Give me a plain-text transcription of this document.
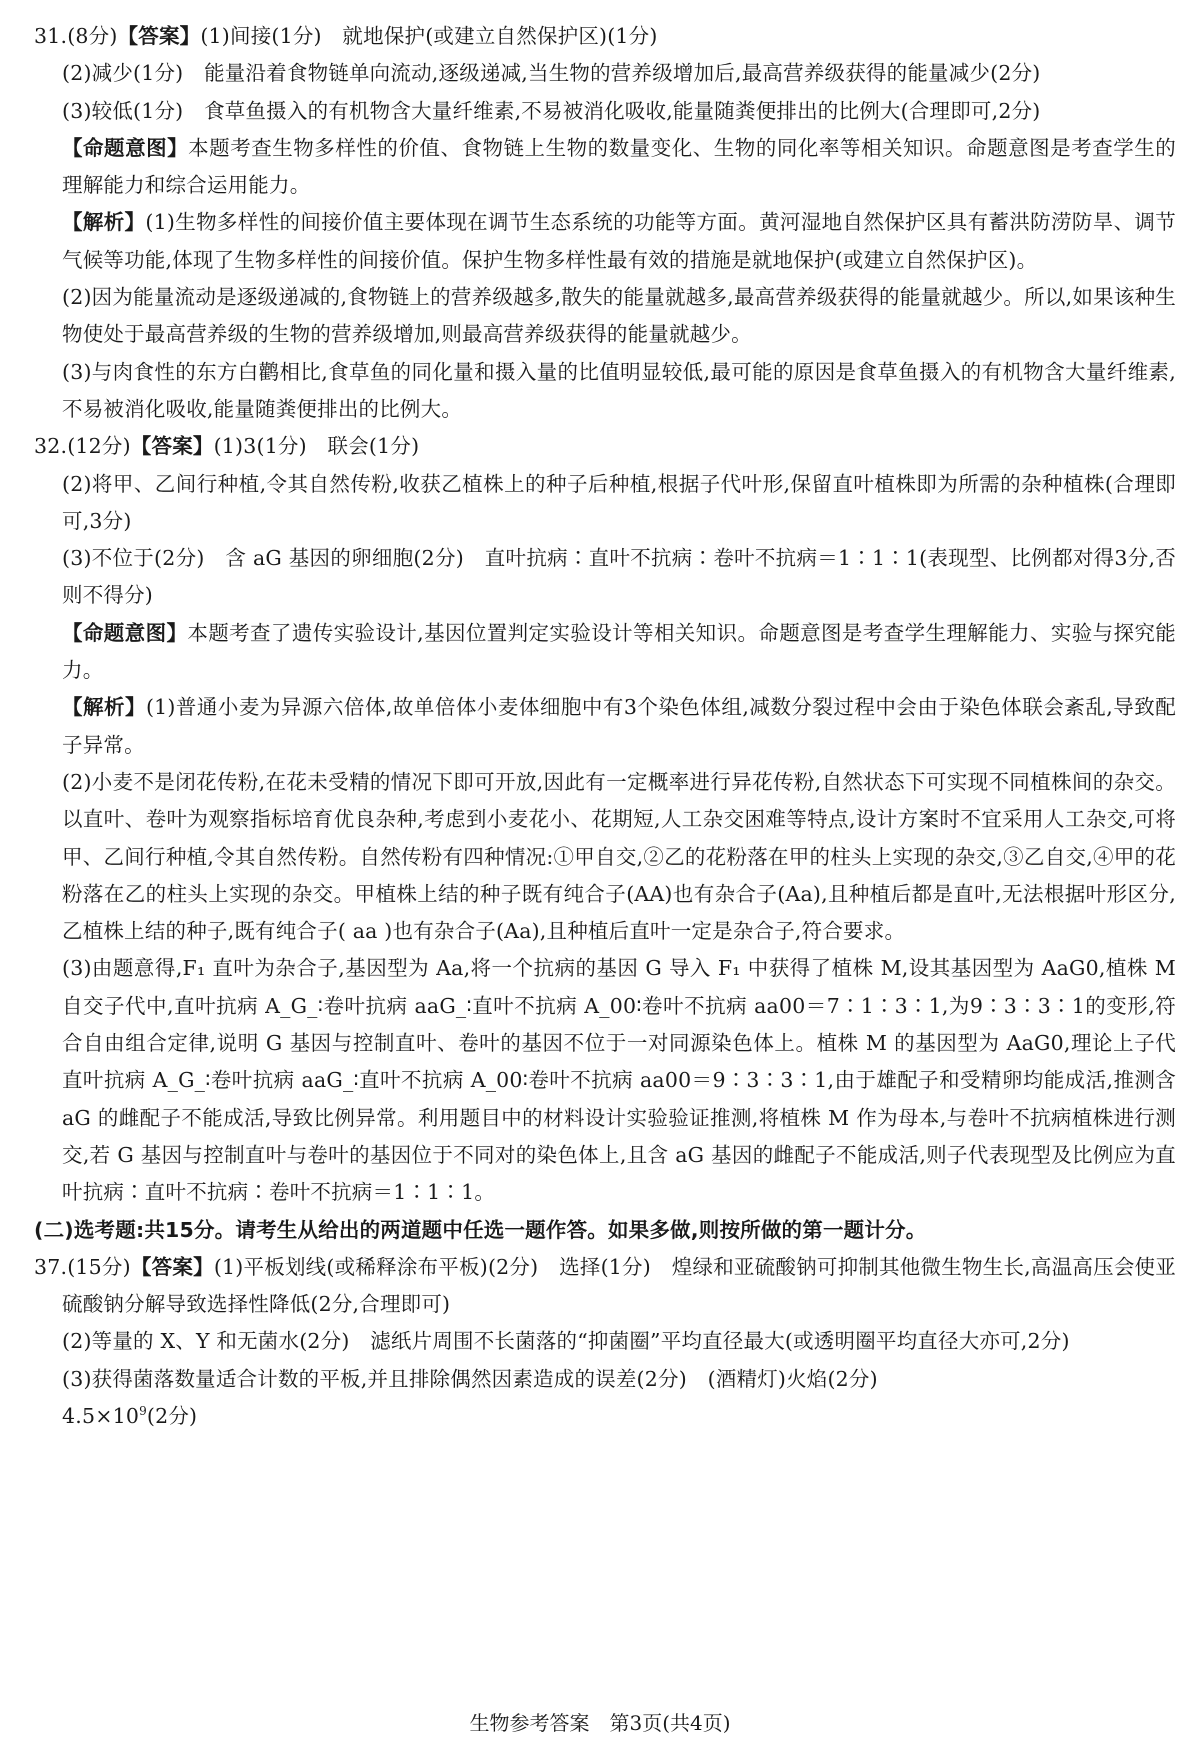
31.(8分)【答案】(1)间接(1分)　就地保护(或建立自然保护区)(1分)
(2)减少(1分)　能量沿着食物链单向流动,逐级递减,当生物的营养级增加后,最高营养级获得的能量减少(2分)
(3)较低(1分)　食草鱼摄入的有机物含大量纤维素,不易被消化吸收,能量随粪便排出的比例大(合理即可,2分)
【命题意图】本题考查生物多样性的价值、食物链上生物的数量变化、生物的同化率等相关知识。命题意图是考查学生的理解能力和综合运用能力。
【解析】(1)生物多样性的间接价值主要体现在调节生态系统的功能等方面。黄河湿地自然保护区具有蓄洪防涝防旱、调节气候等功能,体现了生物多样性的间接价值。保护生物多样性最有效的措施是就地保护(或建立自然保护区)。
(2)因为能量流动是逐级递减的,食物链上的营养级越多,散失的能量就越多,最高营养级获得的能量就越少。所以,如果该种生物使处于最高营养级的生物的营养级增加,则最高营养级获得的能量就越少。
(3)与肉食性的东方白鹳相比,食草鱼的同化量和摄入量的比值明显较低,最可能的原因是食草鱼摄入的有机物含大量纤维素,不易被消化吸收,能量随粪便排出的比例大。
32.(12分)【答案】(1)3(1分)　联会(1分)
(2)将甲、乙间行种植,令其自然传粉,收获乙植株上的种子后种植,根据子代叶形,保留直叶植株即为所需的杂种植株(合理即可,3分)
(3)不位于(2分)　含 aG 基因的卵细胞(2分)　直叶抗病∶直叶不抗病∶卷叶不抗病＝1∶1∶1(表现型、比例都对得3分,否则不得分)
【命题意图】本题考查了遗传实验设计,基因位置判定实验设计等相关知识。命题意图是考查学生理解能力、实验与探究能力。
【解析】(1)普通小麦为异源六倍体,故单倍体小麦体细胞中有3个染色体组,减数分裂过程中会由于染色体联会紊乱,导致配子异常。
(2)小麦不是闭花传粉,在花未受精的情况下即可开放,因此有一定概率进行异花传粉,自然状态下可实现不同植株间的杂交。以直叶、卷叶为观察指标培育优良杂种,考虑到小麦花小、花期短,人工杂交困难等特点,设计方案时不宜采用人工杂交,可将甲、乙间行种植,令其自然传粉。自然传粉有四种情况:①甲自交,②乙的花粉落在甲的柱头上实现的杂交,③乙自交,④甲的花粉落在乙的柱头上实现的杂交。甲植株上结的种子既有纯合子(AA)也有杂合子(Aa),且种植后都是直叶,无法根据叶形区分,乙植株上结的种子,既有纯合子( aa )也有杂合子(Aa),且种植后直叶一定是杂合子,符合要求。
(3)由题意得,F₁ 直叶为杂合子,基因型为 Aa,将一个抗病的基因 G 导入 F₁ 中获得了植株 M,设其基因型为 AaG0,植株 M 自交子代中,直叶抗病 A_G_∶卷叶抗病 aaG_∶直叶不抗病 A_00∶卷叶不抗病 aa00＝7∶1∶3∶1,为9∶3∶3∶1的变形,符合自由组合定律,说明 G 基因与控制直叶、卷叶的基因不位于一对同源染色体上。植株 M 的基因型为 AaG0,理论上子代直叶抗病 A_G_∶卷叶抗病 aaG_∶直叶不抗病 A_00∶卷叶不抗病 aa00＝9∶3∶3∶1,由于雄配子和受精卵均能成活,推测含 aG 的雌配子不能成活,导致比例异常。利用题目中的材料设计实验验证推测,将植株 M 作为母本,与卷叶不抗病植株进行测交,若 G 基因与控制直叶与卷叶的基因位于不同对的染色体上,且含 aG 基因的雌配子不能成活,则子代表现型及比例应为直叶抗病∶直叶不抗病∶卷叶不抗病＝1∶1∶1。
(二)选考题:共15分。请考生从给出的两道题中任选一题作答。如果多做,则按所做的第一题计分。
37.(15分)【答案】(1)平板划线(或稀释涂布平板)(2分)　选择(1分)　煌绿和亚硫酸钠可抑制其他微生物生长,高温高压会使亚硫酸钠分解导致选择性降低(2分,合理即可)
(2)等量的 X、Y 和无菌水(2分)　滤纸片周围不长菌落的“抑菌圈”平均直径最大(或透明圈平均直径大亦可,2分)
(3)获得菌落数量适合计数的平板,并且排除偶然因素造成的误差(2分)　(酒精灯)火焰(2分)
$4.5\times 10^9(2$分)
生物参考答案　第3页(共4页)
